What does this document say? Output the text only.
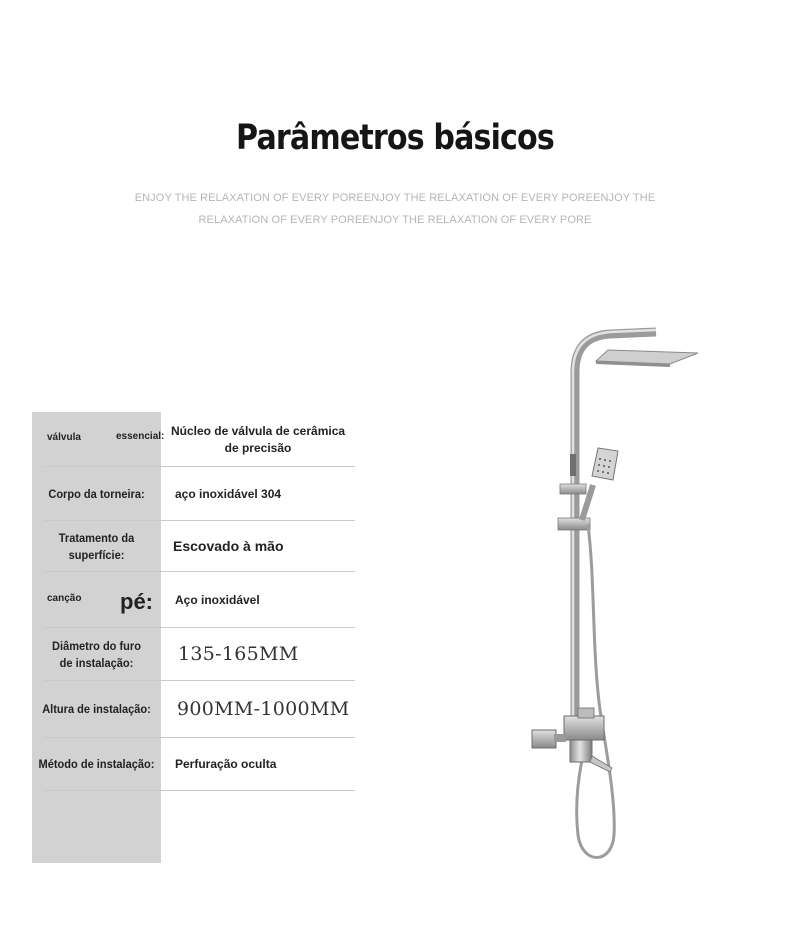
Parâmetros básicos
ENJOY THE RELAXATION OF EVERY POREENJOY THE RELAXATION OF EVERY POREENJOY THE
RELAXATION OF EVERY POREENJOY THE RELAXATION OF EVERY PORE
válvula	essencial: Núcleo de válvula de cerâmica de precisão
Corpo da torneira:	aço inoxidável 304
Tratamento da superfície:
Escovado à mão
canção pé:	Aço inoxidável
Diâmetro do furo de instalação:	135-165MM
Altura de instalação:	900MM-1000MM
Método de instalação:	Perfuração oculta
